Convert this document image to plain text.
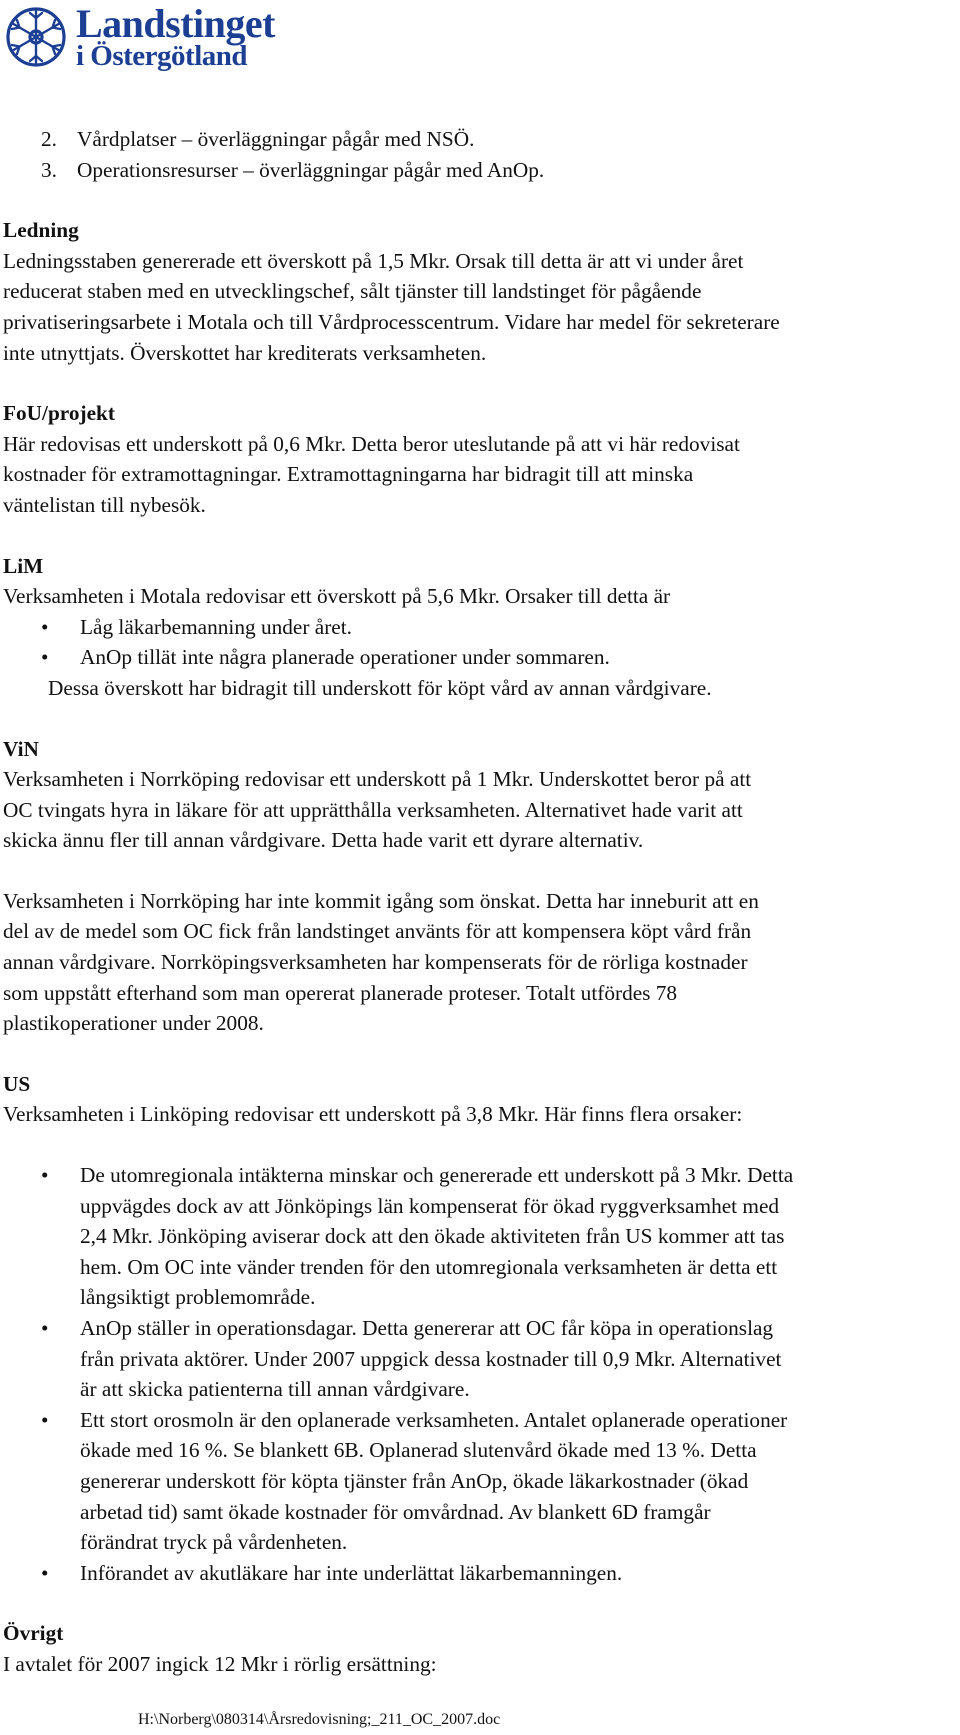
Landstinget
i Östergötland
2. Vårdplatser – överläggningar pågår med NSÖ.
3. Operationsresurser – överläggningar pågår med AnOp.
Ledning
Ledningsstaben genererade ett överskott på 1,5 Mkr. Orsak till detta är att vi under året
reducerat staben med en utvecklingschef, sålt tjänster till landstinget för pågående
privatiseringsarbete i Motala och till Vårdprocesscentrum. Vidare har medel för sekreterare
inte utnyttjats. Överskottet har krediterats verksamheten.
FoU/projekt
Här redovisas ett underskott på 0,6 Mkr. Detta beror uteslutande på att vi här redovisat
kostnader för extramottagningar. Extramottagningarna har bidragit till att minska
väntelistan till nybesök.
LiM
Verksamheten i Motala redovisar ett överskott på 5,6 Mkr. Orsaker till detta är
• Låg läkarbemanning under året.
• AnOp tillät inte några planerade operationer under sommaren.
Dessa överskott har bidragit till underskott för köpt vård av annan vårdgivare.
ViN
Verksamheten i Norrköping redovisar ett underskott på 1 Mkr. Underskottet beror på att
OC tvingats hyra in läkare för att upprätthålla verksamheten. Alternativet hade varit att
skicka ännu fler till annan vårdgivare. Detta hade varit ett dyrare alternativ.
Verksamheten i Norrköping har inte kommit igång som önskat. Detta har inneburit att en
del av de medel som OC fick från landstinget använts för att kompensera köpt vård från
annan vårdgivare. Norrköpingsverksamheten har kompenserats för de rörliga kostnader
som uppstått efterhand som man opererat planerade proteser. Totalt utfördes 78
plastikoperationer under 2008.
US
Verksamheten i Linköping redovisar ett underskott på 3,8 Mkr. Här finns flera orsaker:
• De utomregionala intäkterna minskar och genererade ett underskott på 3 Mkr. Detta
uppvägdes dock av att Jönköpings län kompenserat för ökad ryggverksamhet med
2,4 Mkr. Jönköping aviserar dock att den ökade aktiviteten från US kommer att tas
hem. Om OC inte vänder trenden för den utomregionala verksamheten är detta ett
långsiktigt problemområde.
• AnOp ställer in operationsdagar. Detta genererar att OC får köpa in operationslag
från privata aktörer. Under 2007 uppgick dessa kostnader till 0,9 Mkr. Alternativet
är att skicka patienterna till annan vårdgivare.
• Ett stort orosmoln är den oplanerade verksamheten. Antalet oplanerade operationer
ökade med 16 %. Se blankett 6B. Oplanerad slutenvård ökade med 13 %. Detta
genererar underskott för köpta tjänster från AnOp, ökade läkarkostnader (ökad
arbetad tid) samt ökade kostnader för omvårdnad. Av blankett 6D framgår
förändrat tryck på vårdenheten.
• Införandet av akutläkare har inte underlättat läkarbemanningen.
Övrigt
I avtalet för 2007 ingick 12 Mkr i rörlig ersättning:
H:\Norberg\080314\Årsredovisning;_211_OC_2007.doc
